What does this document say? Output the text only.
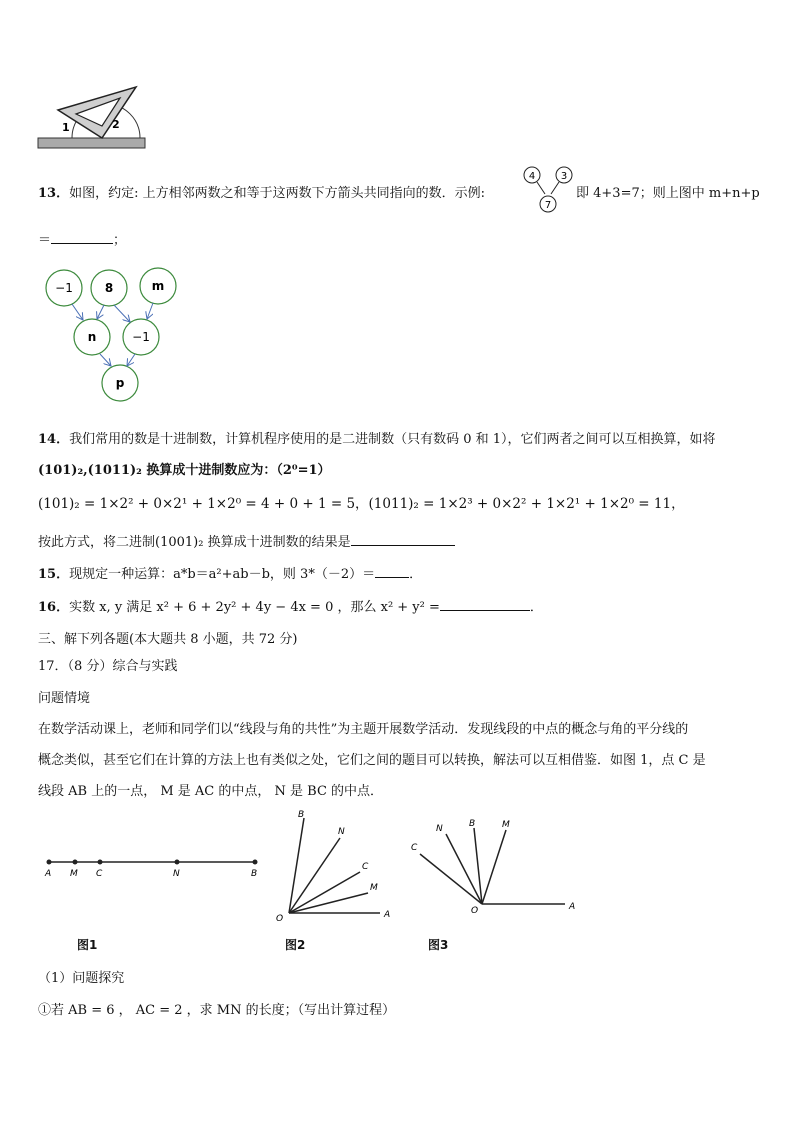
1	2
13．如图，约定: 上方相邻两数之和等于这两数下方箭头共同指向的数．示例:
4	3
7
即 4+3=7；则上图中 m+n+p
＝	；
−1	8	m
n	−1
p
14．我们常用的数是十进制数，计算机程序使用的是二进制数（只有数码 0 和 1），它们两者之间可以互相换算，如将
(101)₂,(1011)₂ 换算成十进制数应为：（2⁰=1）
(101)₂ = 1×2² + 0×2¹ + 1×2⁰ = 4 + 0 + 1 = 5，(1011)₂ = 1×2³ + 0×2² + 1×2¹ + 1×2⁰ = 11，
按此方式，将二进制(1001)₂ 换算成十进制数的结果是
15．现规定一种运算：a*b＝a²+ab－b，则 3*（－2）＝	．
16．实数 x, y 满足 x² + 6 + 2y² + 4y − 4x = 0 ，那么 x² + y² =	．
三、解下列各题(本大题共 8 小题，共 72 分)
17．（8 分）综合与实践
问题情境
在数学活动课上，老师和同学们以“线段与角的共性”为主题开展数学活动．发现线段的中点的概念与角的平分线的
概念类似，甚至它们在计算的方法上也有类似之处，它们之间的题目可以转换，解法可以互相借鉴．如图 1，点 C 是
线段 AB 上的一点， M 是 AC 的中点， N 是 BC 的中点．
A M C	N	B
B
N
C
M
O	A
N	B	M
C
O	A
图1	图2	图3
（1）问题探究
①若 AB = 6 ， AC = 2 ，求 MN 的长度；（写出计算过程）
